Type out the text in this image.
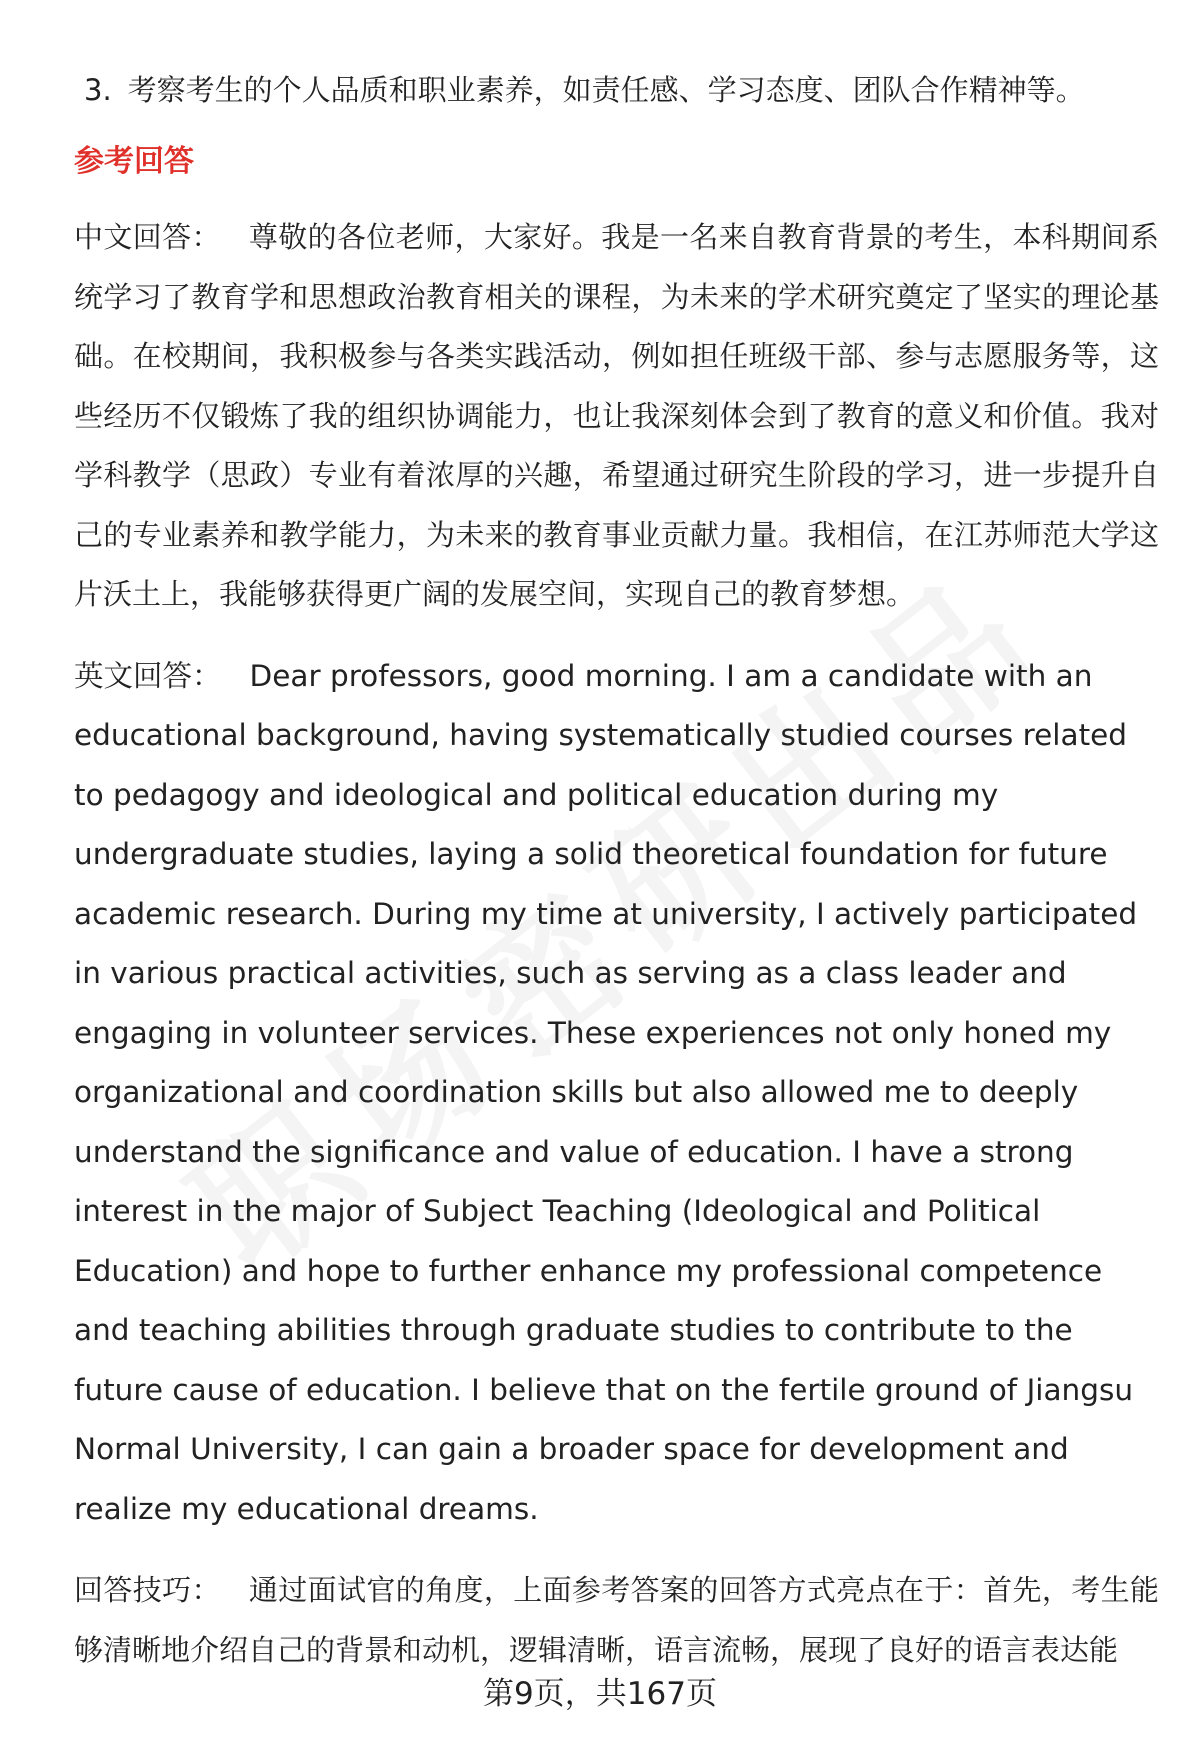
3. 考察考生的个人品质和职业素养，如责任感、学习态度、团队合作精神等。
参考回答

中文回答： 尊敬的各位老师，大家好。我是一名来自教育背景的考生，本科期间系统学习了教育学和思想政治教育相关的课程，为未来的学术研究奠定了坚实的理论基础。在校期间，我积极参与各类实践活动，例如担任班级干部、参与志愿服务等，这些经历不仅锻炼了我的组织协调能力，也让我深刻体会到了教育的意义和价值。我对学科教学（思政）专业有着浓厚的兴趣，希望通过研究生阶段的学习，进一步提升自己的专业素养和教学能力，为未来的教育事业贡献力量。我相信，在江苏师范大学这片沃土上，我能够获得更广阔的发展空间，实现自己的教育梦想。

英文回答： Dear professors, good morning. I am a candidate with an educational background, having systematically studied courses related to pedagogy and ideological and political education during my undergraduate studies, laying a solid theoretical foundation for future academic research. During my time at university, I actively participated in various practical activities, such as serving as a class leader and engaging in volunteer services. These experiences not only honed my organizational and coordination skills but also allowed me to deeply understand the significance and value of education. I have a strong interest in the major of Subject Teaching (Ideological and Political Education) and hope to further enhance my professional competence and teaching abilities through graduate studies to contribute to the future cause of education. I believe that on the fertile ground of Jiangsu Normal University, I can gain a broader space for development and realize my educational dreams.

回答技巧： 通过面试官的角度，上面参考答案的回答方式亮点在于：首先，考生能够清晰地介绍自己的背景和动机，逻辑清晰，语言流畅，展现了良好的语言表达能

第9页，共167页
